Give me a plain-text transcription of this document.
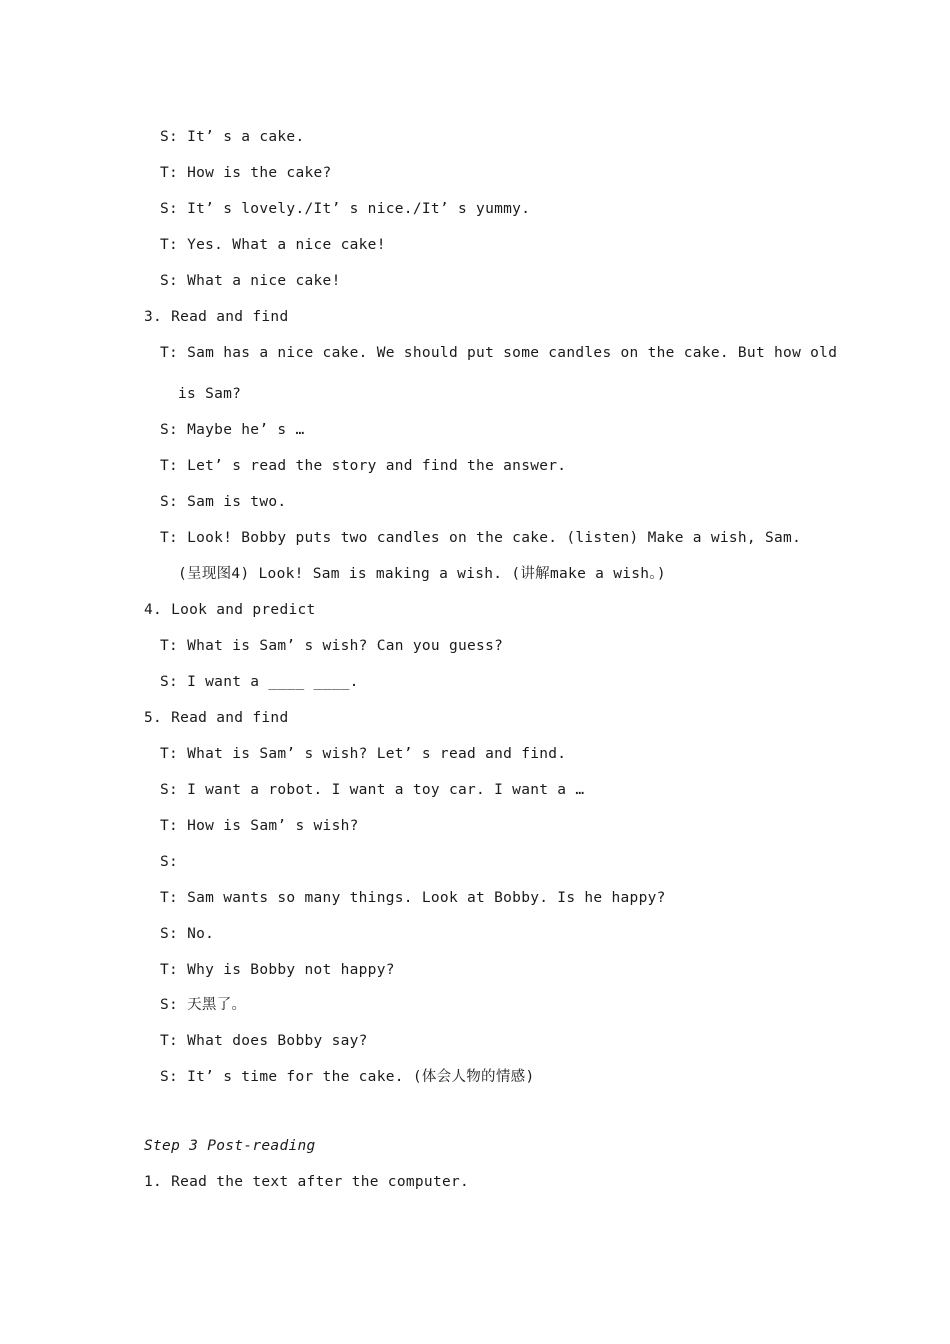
S: It’ s a cake.
T: How is the cake?
S: It’ s lovely./It’ s nice./It’ s yummy.
T: Yes. What a nice cake!
S: What a nice cake!
3. Read and find
T: Sam has a nice cake. We should put some candles on the cake. But how old
is Sam?
S: Maybe he’ s …
T: Let’ s read the story and find the answer.
S: Sam is two.
T: Look! Bobby puts two candles on the cake. (listen) Make a wish, Sam.
(呈现图4) Look! Sam is making a wish. (讲解make a wish。)
4. Look and predict
T: What is Sam’ s wish? Can you guess?
S: I want a ____ ____.
5. Read and find
T: What is Sam’ s wish? Let’ s read and find.
S: I want a robot. I want a toy car. I want a …
T: How is Sam’ s wish?
S:
T: Sam wants so many things. Look at Bobby. Is he happy?
S: No.
T: Why is Bobby not happy?
S: 天黑了。
T: What does Bobby say?
S: It’ s time for the cake. (体会人物的情感)
Step 3 Post-reading
1. Read the text after the computer.
